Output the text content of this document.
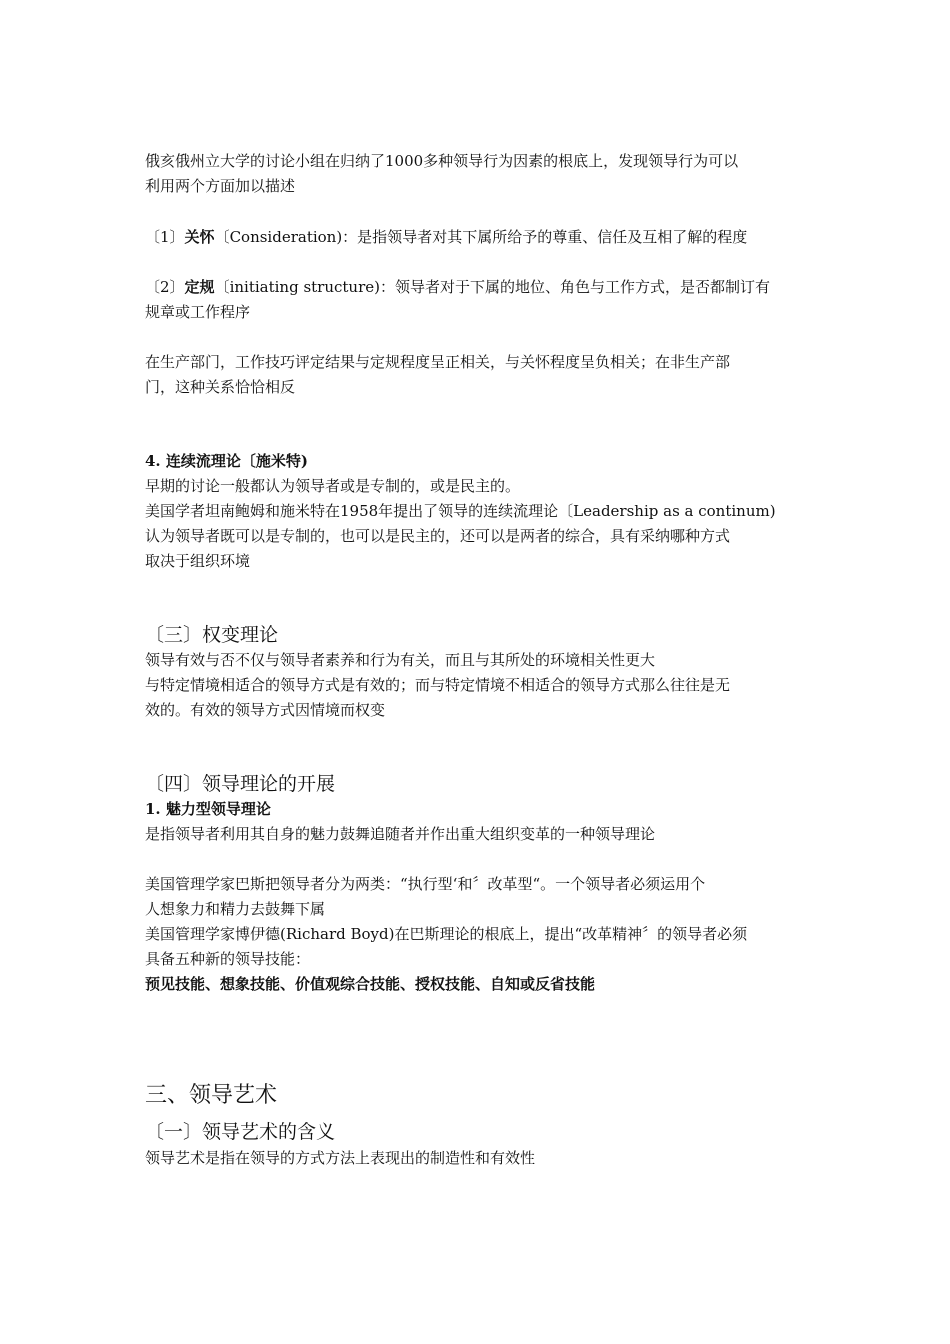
俄亥俄州立大学的讨论小组在归纳了1000多种领导行为因素的根底上，发现领导行为可以
利用两个方面加以描述
〔1〕关怀〔Consideration)：是指领导者对其下属所给予的尊重、信任及互相了解的程度
〔2〕定规〔initiating structure)：领导者对于下属的地位、角色与工作方式，是否都制订有
规章或工作程序
在生产部门，工作技巧评定结果与定规程度呈正相关，与关怀程度呈负相关；在非生产部
门，这种关系恰恰相反
4. 连续流理论〔施米特)
早期的讨论一般都认为领导者或是专制的，或是民主的。
美国学者坦南鲍姆和施米特在1958年提出了领导的连续流理论〔Leadership as a continum)
认为领导者既可以是专制的，也可以是民主的，还可以是两者的综合，具有采纳哪种方式
取决于组织环境
〔三〕权变理论
领导有效与否不仅与领导者素养和行为有关，而且与其所处的环境相关性更大
与特定情境相适合的领导方式是有效的；而与特定情境不相适合的领导方式那么往往是无
效的。有效的领导方式因情境而权变
〔四〕领导理论的开展
1. 魅力型领导理论
是指领导者利用其自身的魅力鼓舞追随者并作出重大组织变革的一种领导理论
美国管理学家巴斯把领导者分为两类：“执行型‘和〞改革型“。一个领导者必须运用个
人想象力和精力去鼓舞下属
美国管理学家博伊德(Richard Boyd)在巴斯理论的根底上，提出“改革精神〞的领导者必须
具备五种新的领导技能：
预见技能、想象技能、价值观综合技能、授权技能、自知或反省技能
三、领导艺术
〔一〕领导艺术的含义
领导艺术是指在领导的方式方法上表现出的制造性和有效性
